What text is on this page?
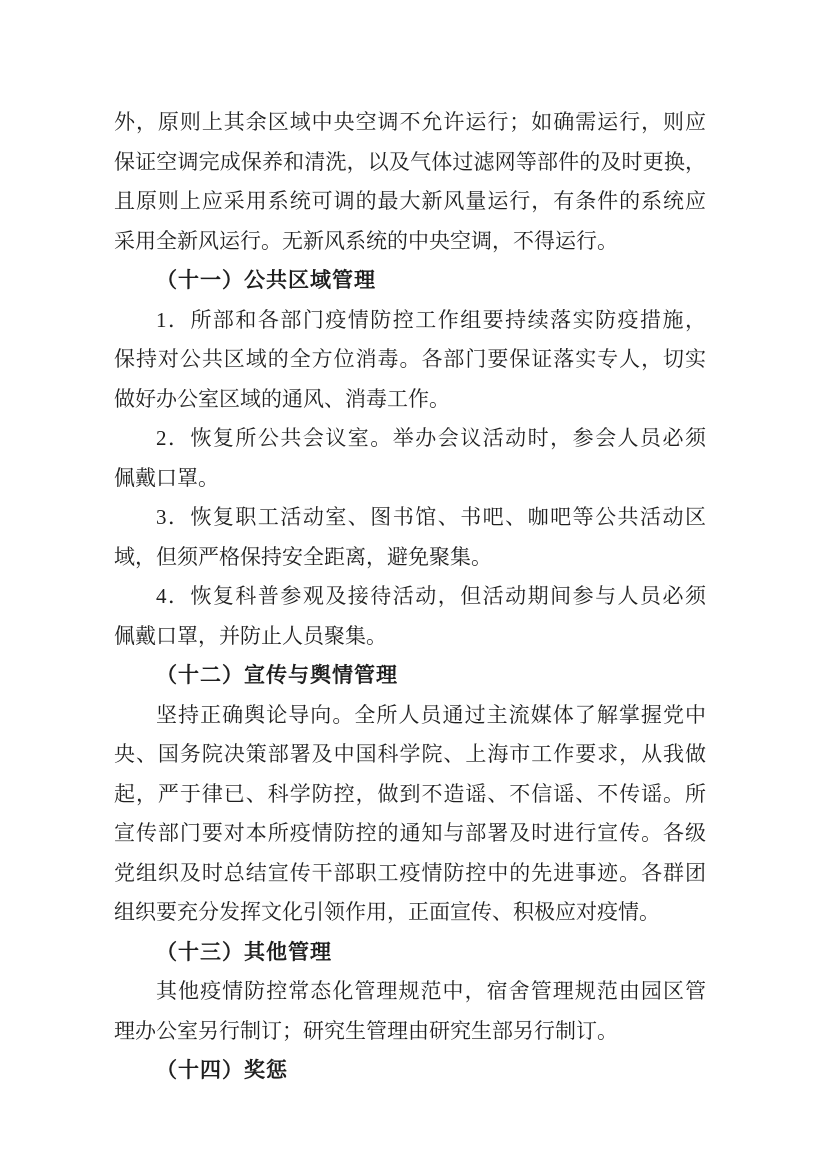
外，原则上其余区域中央空调不允许运行；如确需运行，则应
保证空调完成保养和清洗，以及气体过滤网等部件的及时更换，
且原则上应采用系统可调的最大新风量运行，有条件的系统应
采用全新风运行。无新风系统的中央空调，不得运行。
（十一）公共区域管理
1．所部和各部门疫情防控工作组要持续落实防疫措施，
保持对公共区域的全方位消毒。各部门要保证落实专人，切实
做好办公室区域的通风、消毒工作。
2．恢复所公共会议室。举办会议活动时，参会人员必须
佩戴口罩。
3．恢复职工活动室、图书馆、书吧、咖吧等公共活动区
域，但须严格保持安全距离，避免聚集。
4．恢复科普参观及接待活动，但活动期间参与人员必须
佩戴口罩，并防止人员聚集。
（十二）宣传与舆情管理
坚持正确舆论导向。全所人员通过主流媒体了解掌握党中
央、国务院决策部署及中国科学院、上海市工作要求，从我做
起，严于律已、科学防控，做到不造谣、不信谣、不传谣。所
宣传部门要对本所疫情防控的通知与部署及时进行宣传。各级
党组织及时总结宣传干部职工疫情防控中的先进事迹。各群团
组织要充分发挥文化引领作用，正面宣传、积极应对疫情。
（十三）其他管理
其他疫情防控常态化管理规范中，宿舍管理规范由园区管
理办公室另行制订；研究生管理由研究生部另行制订。
（十四）奖惩
